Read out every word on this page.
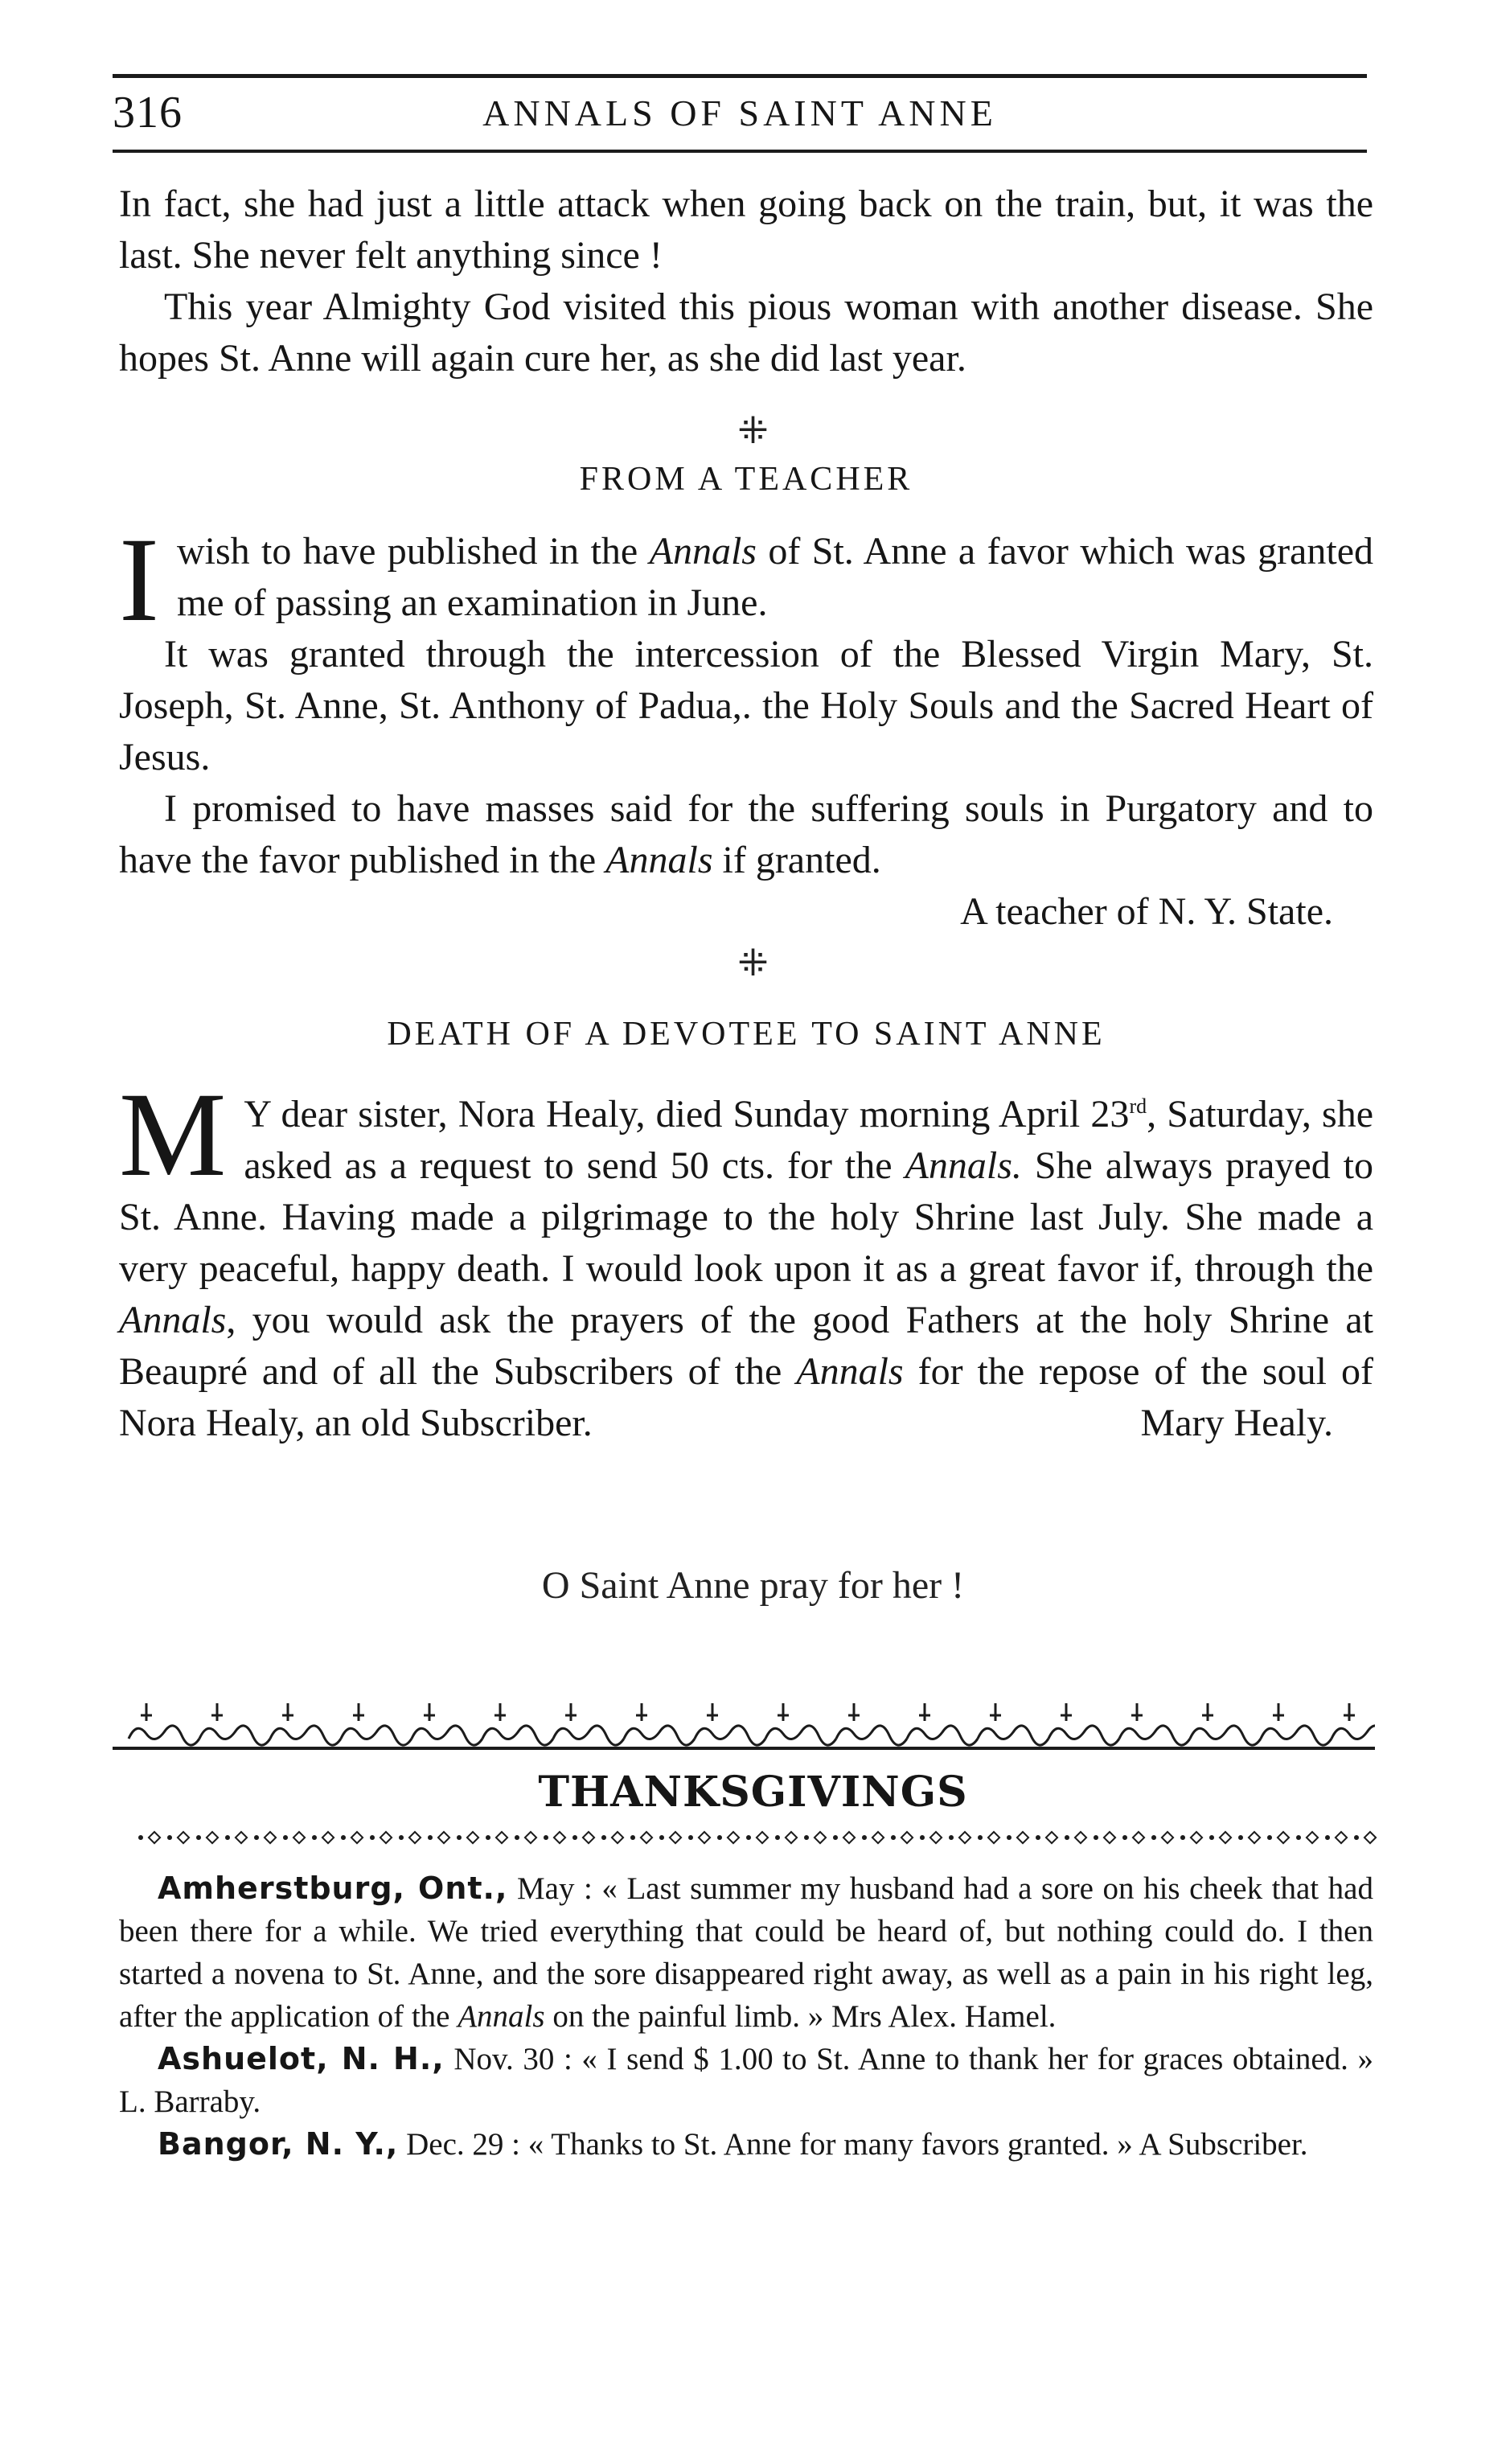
316	ANNALS OF SAINT ANNE

In fact, she had just a little attack when going back on the train, but, it was the last. She never felt anything since !

This year Almighty God visited this pious woman with another disease. She hopes St. Anne will again cure her, as she did last year.

⁜
FROM A TEACHER

Iwish to have published in the Annals of St. Anne a favor which was granted me of passing an examination in June.

It was granted through the intercession of the Blessed Virgin Mary, St. Joseph, St. Anne, St. Anthony of Padua,. the Holy Souls and the Sacred Heart of Jesus.

I promised to have masses said for the suffering souls in Purgatory and to have the favor published in the Annals if granted.

A teacher of N. Y. State.

⁜
DEATH OF A DEVOTEE TO SAINT ANNE

M Y dear sister, Nora Healy, died Sunday morning April 23rd, Saturday, she asked as a request to send 50 cts. for the Annals. She always prayed to St. Anne. Having made a pilgrimage to the holy Shrine last July. She made a very peaceful, happy death. I would look upon it as a great favor if, through the Annals, you would ask the prayers of the good Fathers at the holy Shrine at Beaupré and of all the Subscribers of the Annals for the repose of the soul of Nora Healy, an old Subscriber.	Mary Healy.

O Saint Anne pray for her !
THANKSGIVINGS

Amherstburg, Ont., May : « Last summer my husband had a sore on his cheek that had been there for a while. We tried everything that could be heard of, but nothing could do. I then started a novena to St. Anne, and the sore disappeared right away, as well as a pain in his right leg, after the application of the Annals on the painful limb. » Mrs Alex. Hamel.

Ashuelot, N. H., Nov. 30 : « I send $ 1.00 to St. Anne to thank her for graces obtained. » L. Barraby.

Bangor, N. Y., Dec. 29 : « Thanks to St. Anne for many favors granted. » A Subscriber.
